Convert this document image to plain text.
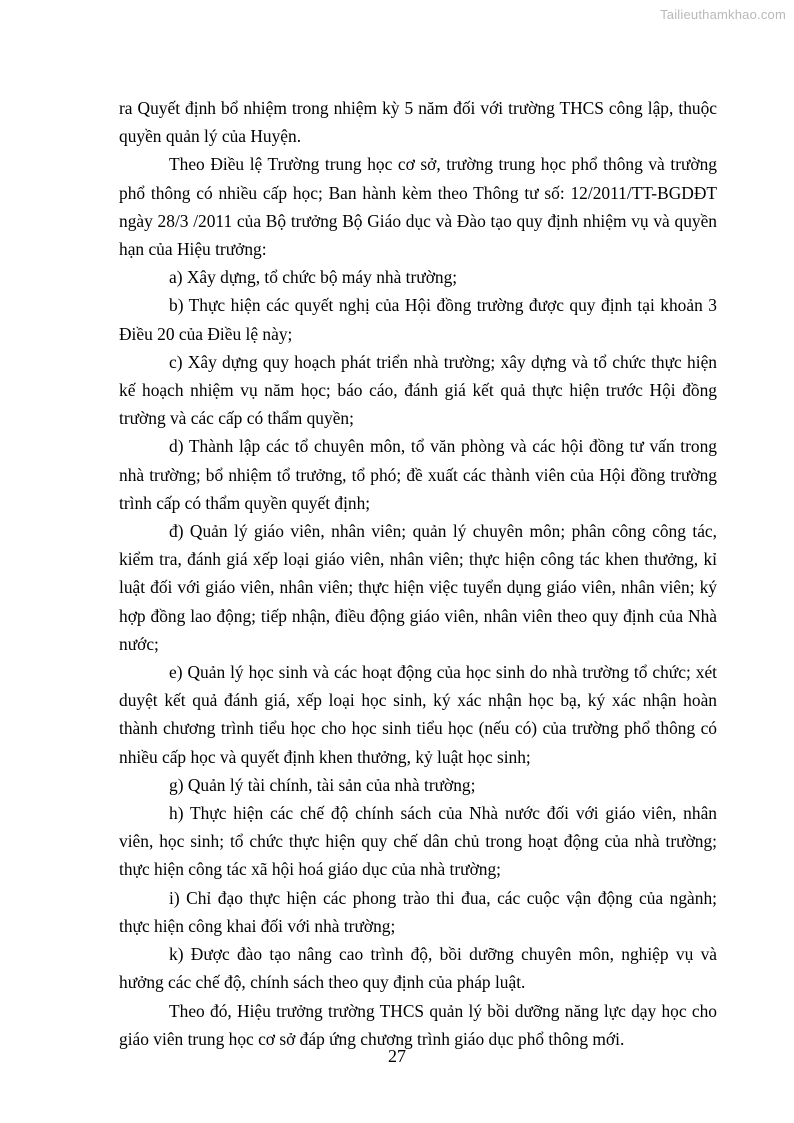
Tailieuthamkhao.com

ra Quyết định bổ nhiệm trong nhiệm kỳ 5 năm đối với trường THCS công lập, thuộc quyền quản lý của Huyện.

Theo Điều lệ Trường trung học cơ sở, trường trung học phổ thông và trường phổ thông có nhiều cấp học; Ban hành kèm theo Thông tư số: 12/2011/TT-BGDĐT ngày 28/3 /2011 của Bộ trưởng Bộ Giáo dục và Đào tạo quy định nhiệm vụ và quyền hạn của Hiệu trưởng:

a) Xây dựng, tổ chức bộ máy nhà trường;

b) Thực hiện các quyết nghị của Hội đồng trường được quy định tại khoản 3 Điều 20 của Điều lệ này;

c) Xây dựng quy hoạch phát triển nhà trường; xây dựng và tổ chức thực hiện kế hoạch nhiệm vụ năm học; báo cáo, đánh giá kết quả thực hiện trước Hội đồng trường và các cấp có thẩm quyền;

d) Thành lập các tổ chuyên môn, tổ văn phòng và các hội đồng tư vấn trong nhà trường; bổ nhiệm tổ trưởng, tổ phó; đề xuất các thành viên của Hội đồng trường trình cấp có thẩm quyền quyết định;

đ) Quản lý giáo viên, nhân viên; quản lý chuyên môn; phân công công tác, kiểm tra, đánh giá xếp loại giáo viên, nhân viên; thực hiện công tác khen thưởng, kỉ luật đối với giáo viên, nhân viên; thực hiện việc tuyển dụng giáo viên, nhân viên; ký hợp đồng lao động; tiếp nhận, điều động giáo viên, nhân viên theo quy định của Nhà nước;

e) Quản lý học sinh và các hoạt động của học sinh do nhà trường tổ chức; xét duyệt kết quả đánh giá, xếp loại học sinh, ký xác nhận học bạ, ký xác nhận hoàn thành chương trình tiểu học cho học sinh tiểu học (nếu có) của trường phổ thông có nhiều cấp học và quyết định khen thưởng, kỷ luật học sinh;

g) Quản lý tài chính, tài sản của nhà trường;

h) Thực hiện các chế độ chính sách của Nhà nước đối với giáo viên, nhân viên, học sinh; tổ chức thực hiện quy chế dân chủ trong hoạt động của nhà trường; thực hiện công tác xã hội hoá giáo dục của nhà trường;

i) Chỉ đạo thực hiện các phong trào thi đua, các cuộc vận động của ngành; thực hiện công khai đối với nhà trường;

k) Được đào tạo nâng cao trình độ, bồi dưỡng chuyên môn, nghiệp vụ và hưởng các chế độ, chính sách theo quy định của pháp luật.

Theo đó, Hiệu trưởng trường THCS quản lý bồi dưỡng năng lực dạy học cho giáo viên trung học cơ sở đáp ứng chương trình giáo dục phổ thông mới.

27
